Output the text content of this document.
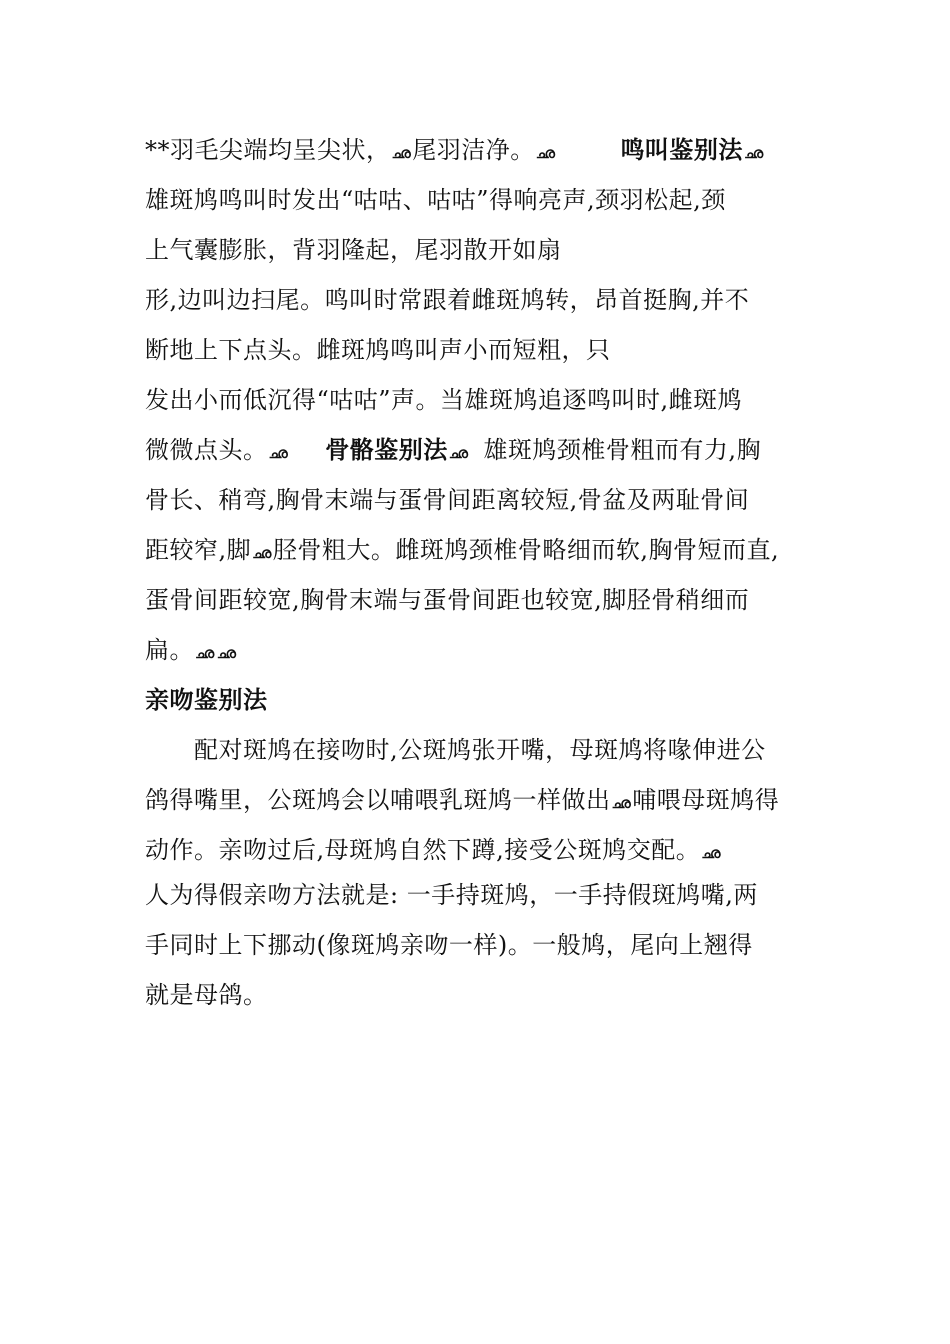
**羽毛尖端均呈尖状，ഛ尾羽洁净。ഛ	鸣叫鉴别法ഛ
雄斑鸠鸣叫时发出“咕咕、咕咕”得响亮声,颈羽松起,颈
上气囊膨胀，背羽隆起，尾羽散开如扇
形,边叫边扫尾。鸣叫时常跟着雌斑鸠转，昂首挺胸,并不
断地上下点头。雌斑鸠鸣叫声小而短粗，只
发出小而低沉得“咕咕”声。当雄斑鸠追逐鸣叫时,雌斑鸠
微微点头。ഛ 骨骼鉴别法ഛ 雄斑鸠颈椎骨粗而有力,胸
骨长、稍弯,胸骨末端与蛋骨间距离较短,骨盆及两耻骨间
距较窄,脚ഛ胫骨粗大。雌斑鸠颈椎骨略细而软,胸骨短而直,
蛋骨间距较宽,胸骨末端与蛋骨间距也较宽,脚胫骨稍细而
扁。ഛ ഛ
亲吻鉴别法
　　配对斑鸠在接吻时,公斑鸠张开嘴，母斑鸠将喙伸进公
鸽得嘴里，公斑鸠会以哺喂乳斑鸠一样做出ഛ哺喂母斑鸠得
动作。亲吻过后,母斑鸠自然下蹲,接受公斑鸠交配。ഛ
人为得假亲吻方法就是: 一手持斑鸠，一手持假斑鸠嘴,两
手同时上下挪动(像斑鸠亲吻一样)。一般鸠，尾向上翘得
就是母鸽。
